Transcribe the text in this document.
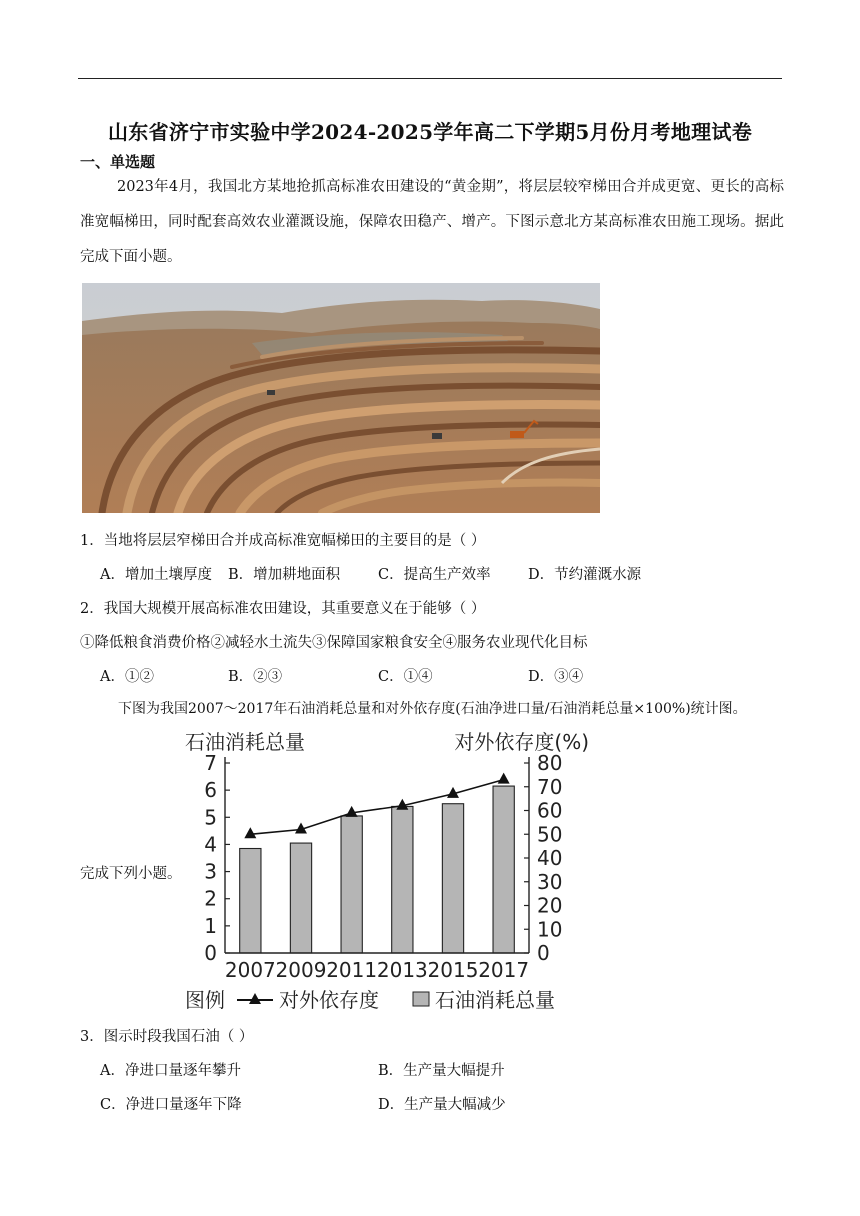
山东省济宁市实验中学2024-2025学年高二下学期5月份月考地理试卷
一、单选题
2023年4月，我国北方某地抢抓高标准农田建设的“黄金期”，将层层较窄梯田合并成更宽、更长的高标准宽幅梯田，同时配套高效农业灌溉设施，保障农田稳产、增产。下图示意北方某高标准农田施工现场。据此完成下面小题。
1．当地将层层窄梯田合并成高标准宽幅梯田的主要目的是（ ）
A．增加土壤厚度 B．增加耕地面积	C．提高生产效率	D．节约灌溉水源
2．我国大规模开展高标准农田建设，其重要意义在于能够（ ）
①降低粮食消费价格②减轻水土流失③保障国家粮食安全④服务农业现代化目标
A．①②	B．②③	C．①④	D．③④
下图为我国2007～2017年石油消耗总量和对外依存度(石油净进口量/石油消耗总量×100%)统计图。
完成下列小题。
石油消耗总量	对外依存度(%)
0
1
2
3
4
5
6
7
0
10
20
30
40
50
60
70
80
2007 2009 2011 2013 2015 2017
图例	对外依存度	石油消耗总量
3．图示时段我国石油（ ）
A．净进口量逐年攀升	B．生产量大幅提升
C．净进口量逐年下降	D．生产量大幅减少
